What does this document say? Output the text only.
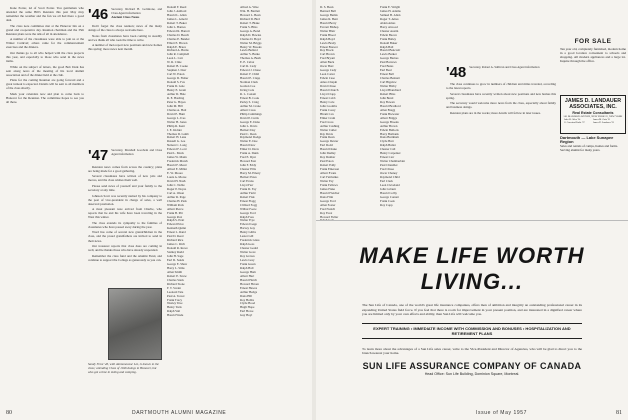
Kane Porter, nd of Scott Porter. You gentlemen who attended the same Bill's Reunion this past May may remember the weather and the fun we all had there a good deal.

The class note committee met at the Hanover Inn on a grand and cooperative day. Reunion chairman and the 35th Reunion plans were the talk of all in attendance.

A number of the classmates were able to join us at the Winter Carnival; others came for the commencement exercises and the dinners.

Our thanks go to all who helped with the class projects this year, and especially to those who send in the news items.

While on the subject of letters, the good Bob Dark has sent along news of the meeting of his local alumni association and of the dinner held at the club.

Plans for the coming Reunion are going forward and a great turnout is expected. Details will be sent to all members of the class shortly.

Mark your calendars now and plan to come back to Hanover for the Reunion. The committee hopes to see you all there.

'46 Secretary, Richard H. Goldstone, and Class Agent information
Ancient Class Notes

Don't forget the class reunion; news of the many doings of the class is always welcome here.

Notes from classmates have been coming in steadily and we thank all who took the time to write.

A number of men report new positions and new homes this spring; more news next month.

'47 Secretary, Marshall Goodwin and Class Agent information

Reunion news comes from across the country; plans are being made for a good gathering.

Several classmates have written of new jobs and moves, and the class wishes them well.

Please send news of yourself and your family to the secretary at any time.

Johnson Scott was recently named by his company to the post of vice-president in charge of sales, a well deserved promotion.

A most pleasant note arrived from Charlie, who reports that he and his wife have been traveling in the West this winter.

The class extends its sympathy to the families of classmates who have passed away during the year.

Word has come of several new grandchildren in the class, and the proud grandfathers are invited to send in their news.

Our treasurer reports that class dues are coming in well, and he thanks those who have already responded.

Remember the class fund and the Alumni Fund, and continue to support the College as generously as you can.

Sandy Frost '46, with Ammonoosuc Lot, is known to the class; attending Class of 1946 doings in Hanover, but also got a time in skiing and camping.
Donald F. Reed
John J. Ashford
Harold L. Allen
James L. Arnold
Robert T. Baker
John L. Barnes
Edward R. Barrett
Charles D. Beach
Charles E. Bender
Elliott E. Brown
Ralph E. Bruce
Richard A. Burns
John R. Campbell
Leon L. Carr
W. R. Cline
Robert B. Cooke
Stephen J. Dorr
Carl W. Eaton
George D. Fisher
Donald S. Fox
Frank D. Gale
Henry E. Grant
Arthur D. Hale
R. E. Harding
Peter G. Hayes
John M. Hill
Charles A. Holt
David E. Hunt
George L. Ives
Walter H. Jones
Philip R. Kent
J. E. Kidder
Thomas D. Lamb
Robert H. Lane
Russell G. Lee
Nelson C. Long
Edward F. Lord
Paul L. Mack
James W. Mann
Frederick Marsh
Harold F. Mead
Alfred E. Miller
E. W. Moore
Louis A. Morse
David H. Nash
John C. Noble
Roger P. Noyes
Carl A. Olson
Arthur R. Page
Charles H. Park
William Peck
Albert Pierce
Frank B. Pitt
George Post
Ralph S. Pratt
Edward Price
Kenneth Quinn
Ernest L. Rand
Paul D. Reed
Richard Rice
James C. Rich
Donald R. Rowe
Stanley Rudd
John H. Sage
Earl D. Sands
George E. Shaw
Harry L. Sims
Allen Smith
Robert E. Snow
Charles Stark
Richard Stone
F. T. Swain
Leonard Tate
Paul A. Tower
Frank Tracy
Wesley True
Henry Tuck
Ralph Vail
Harold Wade
Alfred A. Wise
Wm. H. Bartlett
Howard L. Bean
Richard D. Bird
Robert T. Blake
Frank S. Bliss
George A. Bond
Ralph D. Bowles
Charles D. Boyd
Walter M. Briggs
Henry W. Brooks
Lewis Bullard
Arthur S. Burke
Thomas A. Bush
E. E. Cabot
Carl R. Cady
Edward J. Chase
Robert F. Child
Harold E. Clapp
Norman Clark
Gordon Coe
Irving Cole
R. L. Conant
Ernest B. Cook
Perley S. Craig
Arthur M. Crane
Albert Cross
Philip Cummings
David P. Curtis
George E. Dana
John L. Davis
Herbert Day
Paul C. Dean
Raymond Dodge
Walter E. Doe
Harold Dow
Elmer D. Drew
Frank A. Dunn
Fred E. Dyer
Howard East
John F. Eddy
Chester Ellis
Harry M. Emery
Herbert Estes
Carl Evans
Lloyd Farr
Frank D. Fay
Arthur Field
Robert Fisk
Ernest Flagg
Clifford Fogg
Wilbur Foote
George Ford
Ralph Foss
Walter Frye
Edward Gage
Harvey Gay
Henry Gibbs
Lester Gill
Frederick Glass
Ralph Goss
Chester Gould
Walter Gove
Roy Graves
Lewis Gray
Frank Green
Ralph Hall
George Ham
Albert Hart
Harold Hatch
Howard Haven
Ernest Hawes
Arthur Hedge
Dana Hill
Roy Hobbs
Clyde Hood
Hugh Hope
Earl Howe
Guy Hoyt
80	DARTMOUTH ALUMNI MAGAZINE
D. S. Bean
Bernard Bell
George Bemis
James R. Bent
Harold Berry
Everett Bishop
Walter Blair
Frank Blood
Ralph Boyd
Lewis Brady
Ernest Brewer
Roy Brock
Carl Brown
Fred Bryant
Allen Buck
Oscar Burr
George Cady
Leon Carter
Edwin Case
Amos Chapin
David Chase
Harold Church
Lloyd Clapp
Ernest Cobb
Henry Cole
John Coombs
Frank Corey
Hiram Cox
Elmer Cram
Fred Cross
Arthur Cushing
Walter Cutler
Ray Davis
Frank Dean
George Dexter
Earl Dodd
Harold Drake
John Dudley
Roy Dunbar
Paul Eaton
Robert Eddy
Frank Emerson
Albert Evans
Carl Fairbanks
Walter Fay
Frank Fellows
James Fiske
Harold Fletcher
Dana Flint
George Ford
Allen Foster
Fred French
Roy Frost
Howard Fuller
Frank E. Wright
James H. Adams
Samuel B. Allen
Roger T. Ames
Alden Ames
Harry Atwood
Chester Austin
Edwin Bacon
Frank Bailey
Donald Baker
Ralph Ball
Harold Bancroft
Lewis Barker
George Barnes
Paul Barrows
Fred Bates
Earl Beal
Ernest Bell
Charles Bennett
Carl Bigelow
Walter Bixby
Lloyd Blanchard
Robert Bliss
John Bond
Roy Bowen
Harold Bradford
Allen Bragg
Frank Brewster
Albert Briggs
George Brooks
Arthur Brown
Edwin Bullock
Harry Burbank
Dana Burnham
Clyde Burr
Ralph Butler
Chester Call
Henry Carpenter
Ernest Carr
Walter Chamberlain
Paul Chandler
Fred Chase
Oscar Cheney
Raymond Child
Earl Clark
Leon Cleveland
John Coburn
Harold Colby
George Conant
Frank Cook
Roy Copp
'48 Secretary, Robert A. Sullivan and Class Agent information

The class continues to grow in numbers of children and miles traveled, according to the latest reports.

Several classmates have recently written about new positions and new homes this spring.

The secretary would welcome more news from the class, especially about family and business doings.

Reunion plans are in the works; more details will follow in later issues.

FOR SALE
Ten year old, completely furnished, modern home in a good location convenient to schools and shopping. All modern appliances and a large lot. Inquire through the office.
JAMES D. LANDAUER ASSOCIATES, INC.
Real Estate Consultants
501 MADISON AVENUE, NEW YORK 22, NEW YORK
John W. Allen '24	James M. Gain '31
G. Crawford Eadie '27	James D. Landauer '23
Dartmouth — Lake Sunapee Region
Sales and rentals of camps, homes and farms. Serving alumni for many years.
MAKE LIFE WORTH LIVING...
The Sun Life of Canada, one of the world's great life insurance companies, offers men of ambition and integrity an outstanding professional career in its expanding United States field force. If you feel that there is room for improvement in your present position, and are interested in a dignified career where you are limited only by your own efforts and ability, then Sun Life will welcome you.
EXPERT TRAINING • IMMEDIATE INCOME WITH COMMISSION AND BONUSES • HOSPITALIZATION AND RETIREMENT PLANS
To learn more about the advantages of a Sun Life sales career, write to the Vice-President and Director of Agencies, who will be glad to direct you to the branch nearest your home.
SUN LIFE ASSURANCE COMPANY OF CANADA
Head Office: Sun Life Building, Dominion Square, Montreal.
Issue of May 1957	81
